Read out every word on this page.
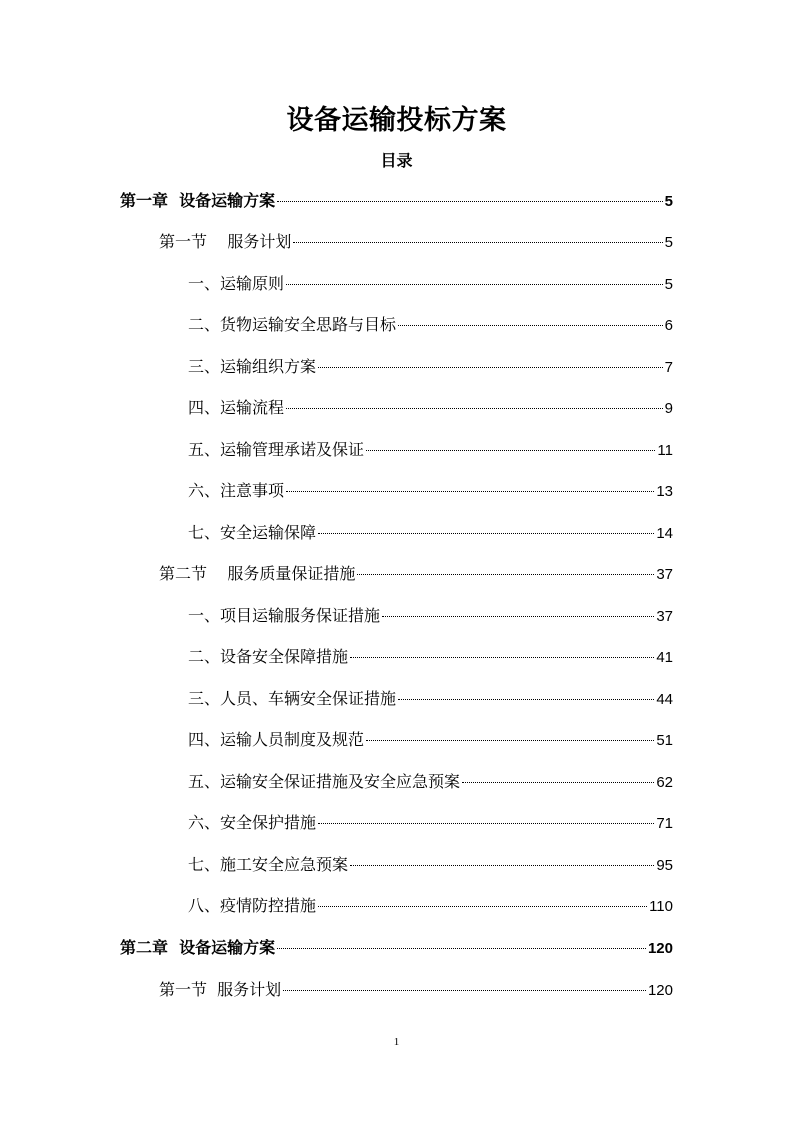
设备运输投标方案
目录
第一章  设备运输方案	5
第一节    服务计划	5
一、运输原则	5
二、货物运输安全思路与目标	6
三、运输组织方案	7
四、运输流程	9
五、运输管理承诺及保证	11
六、注意事项	13
七、安全运输保障	14
第二节    服务质量保证措施	37
一、项目运输服务保证措施	37
二、设备安全保障措施	41
三、人员、车辆安全保证措施	44
四、运输人员制度及规范	51
五、运输安全保证措施及安全应急预案	62
六、安全保护措施	71
七、施工安全应急预案	95
八、疫情防控措施	110
第二章  设备运输方案	120
第一节  服务计划	120
1
